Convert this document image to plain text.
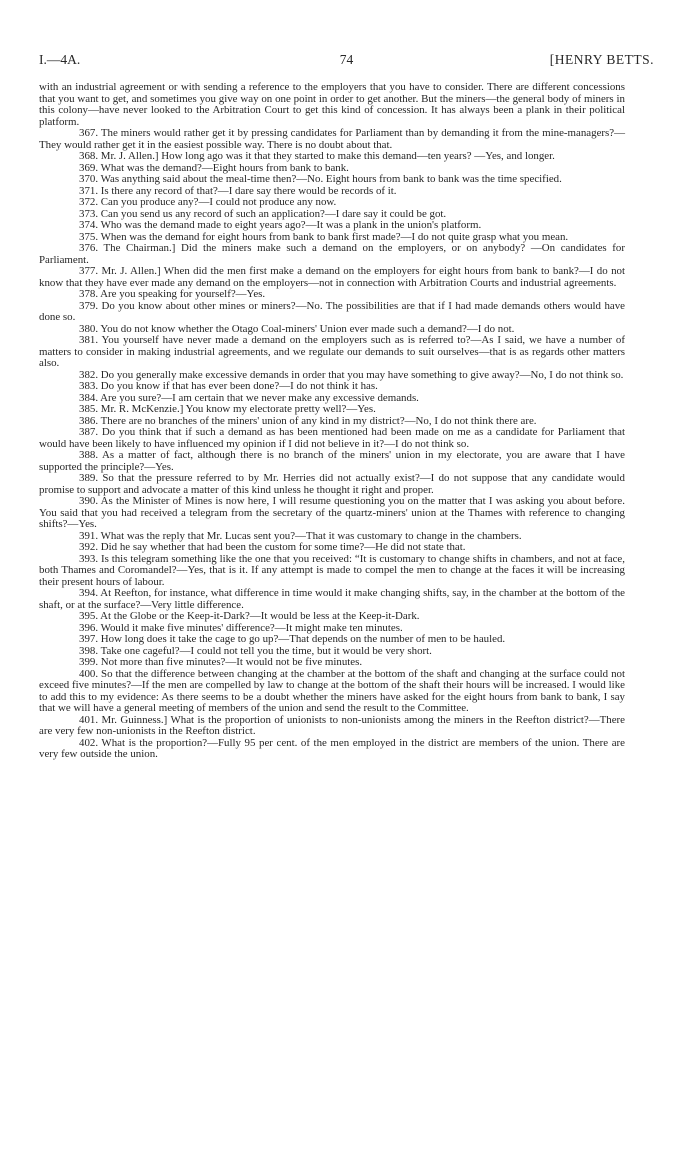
I.—4A.	74	[HENRY BETTS.

with an industrial agreement or with sending a reference to the employers that you have to consider. There are different concessions that you want to get, and sometimes you give way on one point in order to get another. But the miners—the general body of miners in this colony—have never looked to the Arbitration Court to get this kind of concession. It has always been a plank in their political platform.

367. The miners would rather get it by pressing candidates for Parliament than by demanding it from the mine-managers?—They would rather get it in the easiest possible way. There is no doubt about that.

368. Mr. J. Allen.] How long ago was it that they started to make this demand—ten years? —Yes, and longer.

369. What was the demand?—Eight hours from bank to bank.

370. Was anything said about the meal-time then?—No. Eight hours from bank to bank was the time specified.

371. Is there any record of that?—I dare say there would be records of it.

372. Can you produce any?—I could not produce any now.

373. Can you send us any record of such an application?—I dare say it could be got.

374. Who was the demand made to eight years ago?—It was a plank in the union's platform.

375. When was the demand for eight hours from bank to bank first made?—I do not quite grasp what you mean.

376. The Chairman.] Did the miners make such a demand on the employers, or on anybody? —On candidates for Parliament.

377. Mr. J. Allen.] When did the men first make a demand on the employers for eight hours from bank to bank?—I do not know that they have ever made any demand on the employers—not in connection with Arbitration Courts and industrial agreements.

378. Are you speaking for yourself?—Yes.

379. Do you know about other mines or miners?—No. The possibilities are that if I had made demands others would have done so.

380. You do not know whether the Otago Coal-miners' Union ever made such a demand?—I do not.

381. You yourself have never made a demand on the employers such as is referred to?—As I said, we have a number of matters to consider in making industrial agreements, and we regulate our demands to suit ourselves—that is as regards other matters also.

382. Do you generally make excessive demands in order that you may have something to give away?—No, I do not think so.

383. Do you know if that has ever been done?—I do not think it has.

384. Are you sure?—I am certain that we never make any excessive demands.

385. Mr. R. McKenzie.] You know my electorate pretty well?—Yes.

386. There are no branches of the miners' union of any kind in my district?—No, I do not think there are.

387. Do you think that if such a demand as has been mentioned had been made on me as a candidate for Parliament that would have been likely to have influenced my opinion if I did not believe in it?—I do not think so.

388. As a matter of fact, although there is no branch of the miners' union in my electorate, you are aware that I have supported the principle?—Yes.

389. So that the pressure referred to by Mr. Herries did not actually exist?—I do not suppose that any candidate would promise to support and advocate a matter of this kind unless he thought it right and proper.

390. As the Minister of Mines is now here, I will resume questioning you on the matter that I was asking you about before. You said that you had received a telegram from the secretary of the quartz-miners' union at the Thames with reference to changing shifts?—Yes.

391. What was the reply that Mr. Lucas sent you?—That it was customary to change in the chambers.

392. Did he say whether that had been the custom for some time?—He did not state that.

393. Is this telegram something like the one that you received: “It is customary to change shifts in chambers, and not at face, both Thames and Coromandel?—Yes, that is it. If any attempt is made to compel the men to change at the faces it will be increasing their present hours of labour.

394. At Reefton, for instance, what difference in time would it make changing shifts, say, in the chamber at the bottom of the shaft, or at the surface?—Very little difference.

395. At the Globe or the Keep-it-Dark?—It would be less at the Keep-it-Dark.

396. Would it make five minutes' difference?—It might make ten minutes.

397. How long does it take the cage to go up?—That depends on the number of men to be hauled.

398. Take one cageful?—I could not tell you the time, but it would be very short.

399. Not more than five minutes?—It would not be five minutes.

400. So that the difference between changing at the chamber at the bottom of the shaft and changing at the surface could not exceed five minutes?—If the men are compelled by law to change at the bottom of the shaft their hours will be increased. I would like to add this to my evidence: As there seems to be a doubt whether the miners have asked for the eight hours from bank to bank, I say that we will have a general meeting of members of the union and send the result to the Committee.

401. Mr. Guinness.] What is the proportion of unionists to non-unionists among the miners in the Reefton district?—There are very few non-unionists in the Reefton district.

402. What is the proportion?—Fully 95 per cent. of the men employed in the district are members of the union. There are very few outside the union.
